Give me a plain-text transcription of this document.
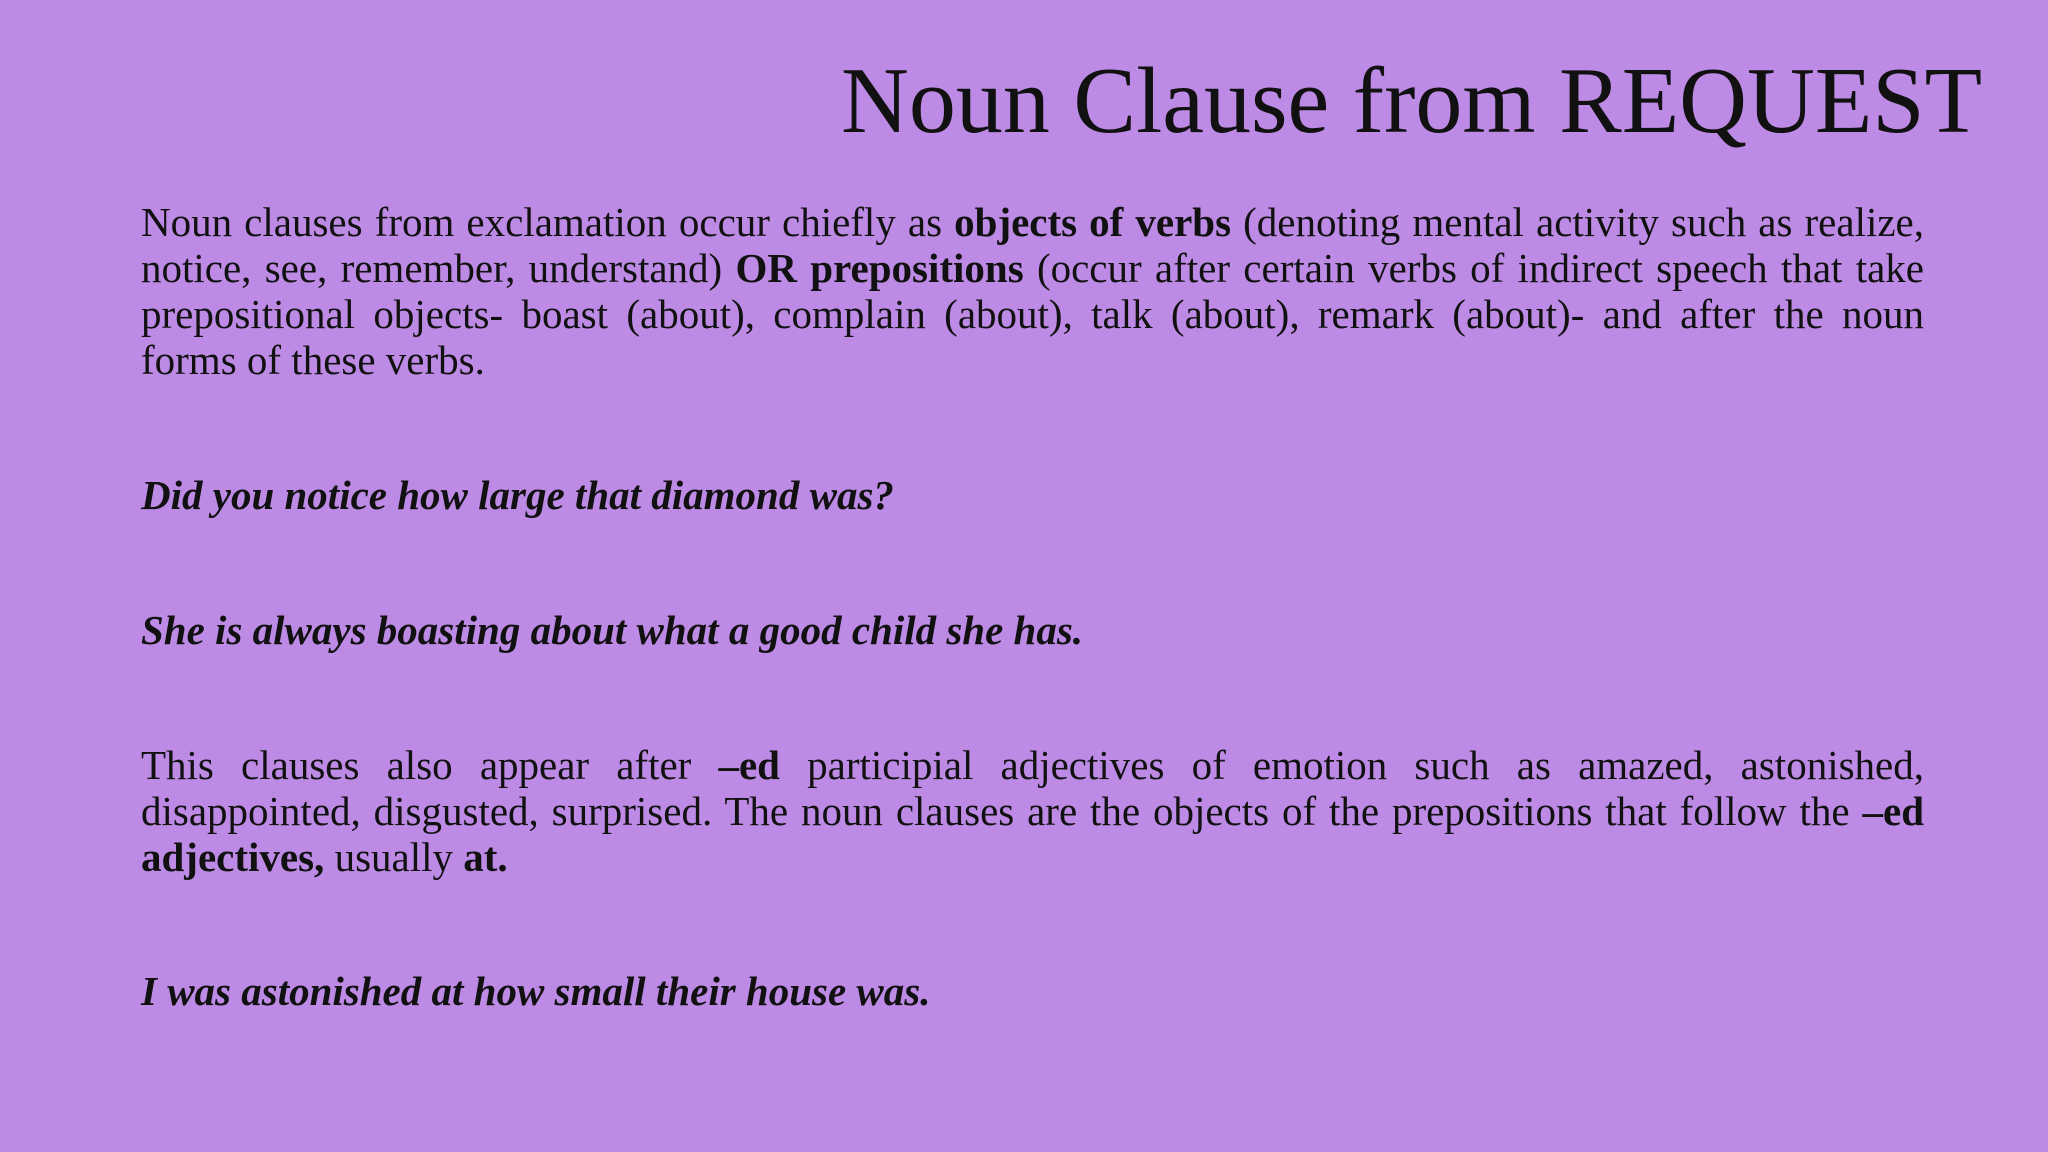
Noun Clause from REQUEST

Noun clauses from exclamation occur chiefly as objects of verbs (denoting mental activity such as realize, notice, see, remember, understand) OR prepositions (occur after certain verbs of indirect speech that take prepositional objects- boast (about), complain (about), talk (about), remark (about)- and after the noun forms of these verbs.

Did you notice how large that diamond was?

She is always boasting about what a good child she has.

This clauses also appear after –ed participial adjectives of emotion such as amazed, astonished, disappointed, disgusted, surprised. The noun clauses are the objects of the prepositions that follow the –ed adjectives, usually at.

I was astonished at how small their house was.
